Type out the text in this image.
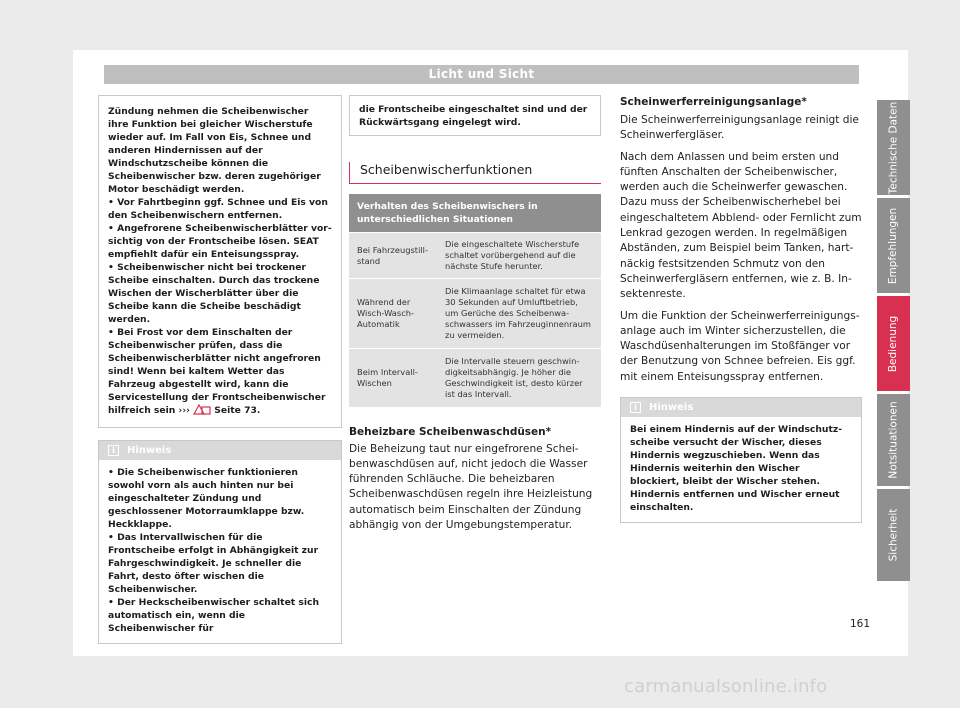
Licht und Sicht

Zündung nehmen die Scheibenwischer ihre Funktion bei gleicher Wischerstufe wieder auf. Im Fall von Eis, Schnee und anderen Hindernissen auf der Windschutzscheibe können die Scheibenwischer bzw. deren zugehöriger Motor beschädigt werden.

• Vor Fahrtbeginn ggf. Schnee und Eis von den Scheibenwischern entfernen.

• Angefrorene Scheibenwischerblätter vorsichtig von der Frontscheibe lösen. SEAT empfiehlt dafür ein Enteisungsspray.

• Scheibenwischer nicht bei trockener Scheibe einschalten. Durch das trockene Wischen der Wischerblätter über die Scheibe kann die Scheibe beschädigt werden.

• Bei Frost vor dem Einschalten der Scheibenwischer prüfen, dass die Scheibenwischerblätter nicht angefroren sind! Wenn bei kaltem Wetter das Fahrzeug abgestellt wird, kann die Servicestellung der Frontscheibenwischer hilfreich sein ›››	Seite 73.

i	Hinweis

• Die Scheibenwischer funktionieren sowohl vorn als auch hinten nur bei eingeschalteter Zündung und geschlossener Motorraumklappe bzw. Heckklappe.

• Das Intervallwischen für die Frontscheibe erfolgt in Abhängigkeit zur Fahrgeschwindigkeit. Je schneller die Fahrt, desto öfter wischen die Scheibenwischer.

• Der Heckscheibenwischer schaltet sich automatisch ein, wenn die Scheibenwischer für

die Frontscheibe eingeschaltet sind und der Rückwärtsgang eingelegt wird.

Scheibenwischerfunktionen
Verhalten des Scheibenwischers in unterschiedlichen Situationen	
Bei Fahrzeugstillstand	Die eingeschaltete Wischerstufe schaltet vorübergehend auf die nächste Stufe herunter.
Während der Wisch-Wasch-Automatik	Die Klimaanlage schaltet für etwa 30 Sekunden auf Umluftbetrieb, um Gerüche des Scheibenwaschwassers im Fahrzeuginnenraum zu vermeiden.
Beim Intervall-Wischen	Die Intervalle steuern geschwindigkeitsabhängig. Je höher die Geschwindigkeit ist, desto kürzer ist das Intervall.
Beheizbare Scheibenwaschdüsen*
Die Beheizung taut nur eingefrorene Scheibenwaschdüsen auf, nicht jedoch die Wasser führenden Schläuche. Die beheizbaren Scheibenwaschdüsen regeln ihre Heizleistung automatisch beim Einschalten der Zündung abhängig von der Umgebungstemperatur.
Scheinwerferreinigungsanlage*
Die Scheinwerferreinigungsanlage reinigt die Scheinwerfergläser.
Nach dem Anlassen und beim ersten und fünften Anschalten der Scheibenwischer, werden auch die Scheinwerfer gewaschen. Dazu muss der Scheibenwischerhebel bei eingeschaltetem Abblend- oder Fernlicht zum Lenkrad gezogen werden. In regelmäßigen Abständen, zum Beispiel beim Tanken, hartnäckig festsitzenden Schmutz von den Scheinwerfergläsern entfernen, wie z. B. Insektenreste.
Um die Funktion der Scheinwerferreinigungsanlage auch im Winter sicherzustellen, die Waschdüsenhalterungen im Stoßfänger vor der Benutzung von Schnee befreien. Eis ggf. mit einem Enteisungsspray entfernen.
i	Hinweis

Bei einem Hindernis auf der Windschutzscheibe versucht der Wischer, dieses Hindernis wegzuschieben. Wenn das Hindernis weiterhin den Wischer blockiert, bleibt der Wischer stehen. Hindernis entfernen und Wischer erneut einschalten.

Technische Daten
Empfehlungen
Bedienung
Notsituationen
Sicherheit
161
carmanualsonline.info
